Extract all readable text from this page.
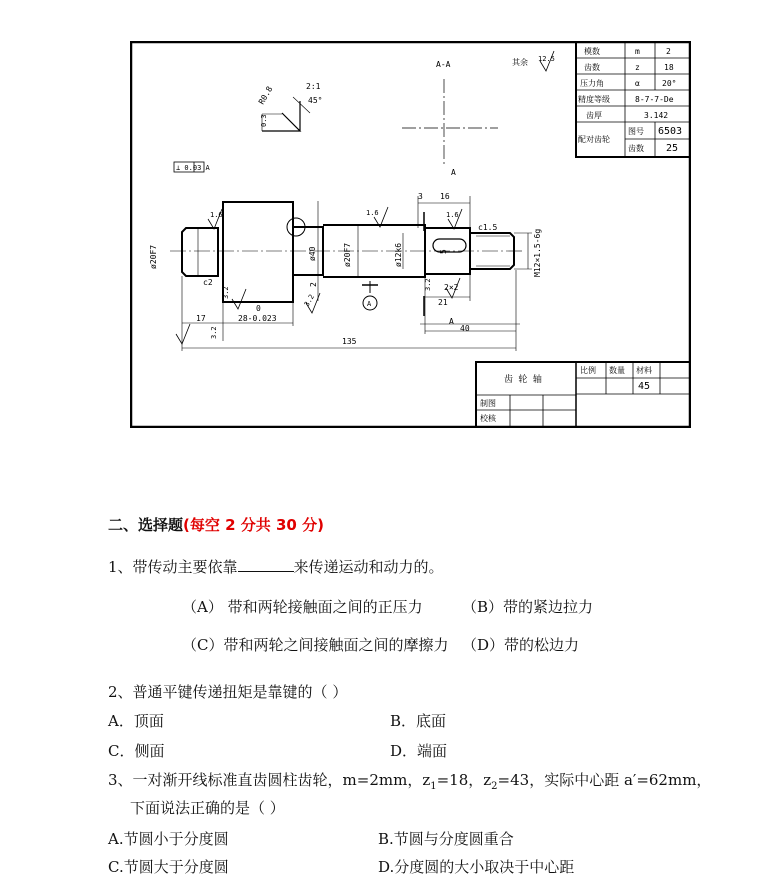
A-A	其余 12.5
模数	m	2
齿数	z	18
压力角	α	20°
精度等级	8-7-7-De
齿厚	3.142
配对齿轮
图号 6503
齿数 25
齿 轮 轴
比例 数量 材料
45
制图
校核
⊥ 0.03 A
R0.8
0.3
2:1
45°
ø20F7	ø40	ø20F7	ø12k6	M12×1.5-6g
c1.5
c2	2
5
3 16
2×2
21
40
0
28-0.023
17
135
1.6	1.6	1.6
3.2
3.2
3.2
3.2
A
A
A
二、选择题(每空 2 分共 30 分)
1、带传动主要依靠	来传递运动和动力的。
（A） 带和两轮接触面之间的正压力	（B）带的紧边拉力
（C）带和两轮之间接触面之间的摩擦力 （D）带的松边力
2、普通平键传递扭矩是靠键的（ ）
A．顶面	B．底面
C．侧面	D．端面
3、一对渐开线标准直齿圆柱齿轮，m=2mm，$z_1=18$，$z_2=43$，实际中心距 a′=62mm，
下面说法正确的是（ ）
A.节圆小于分度圆	B.节圆与分度圆重合
C.节圆大于分度圆	D.分度圆的大小取决于中心距
